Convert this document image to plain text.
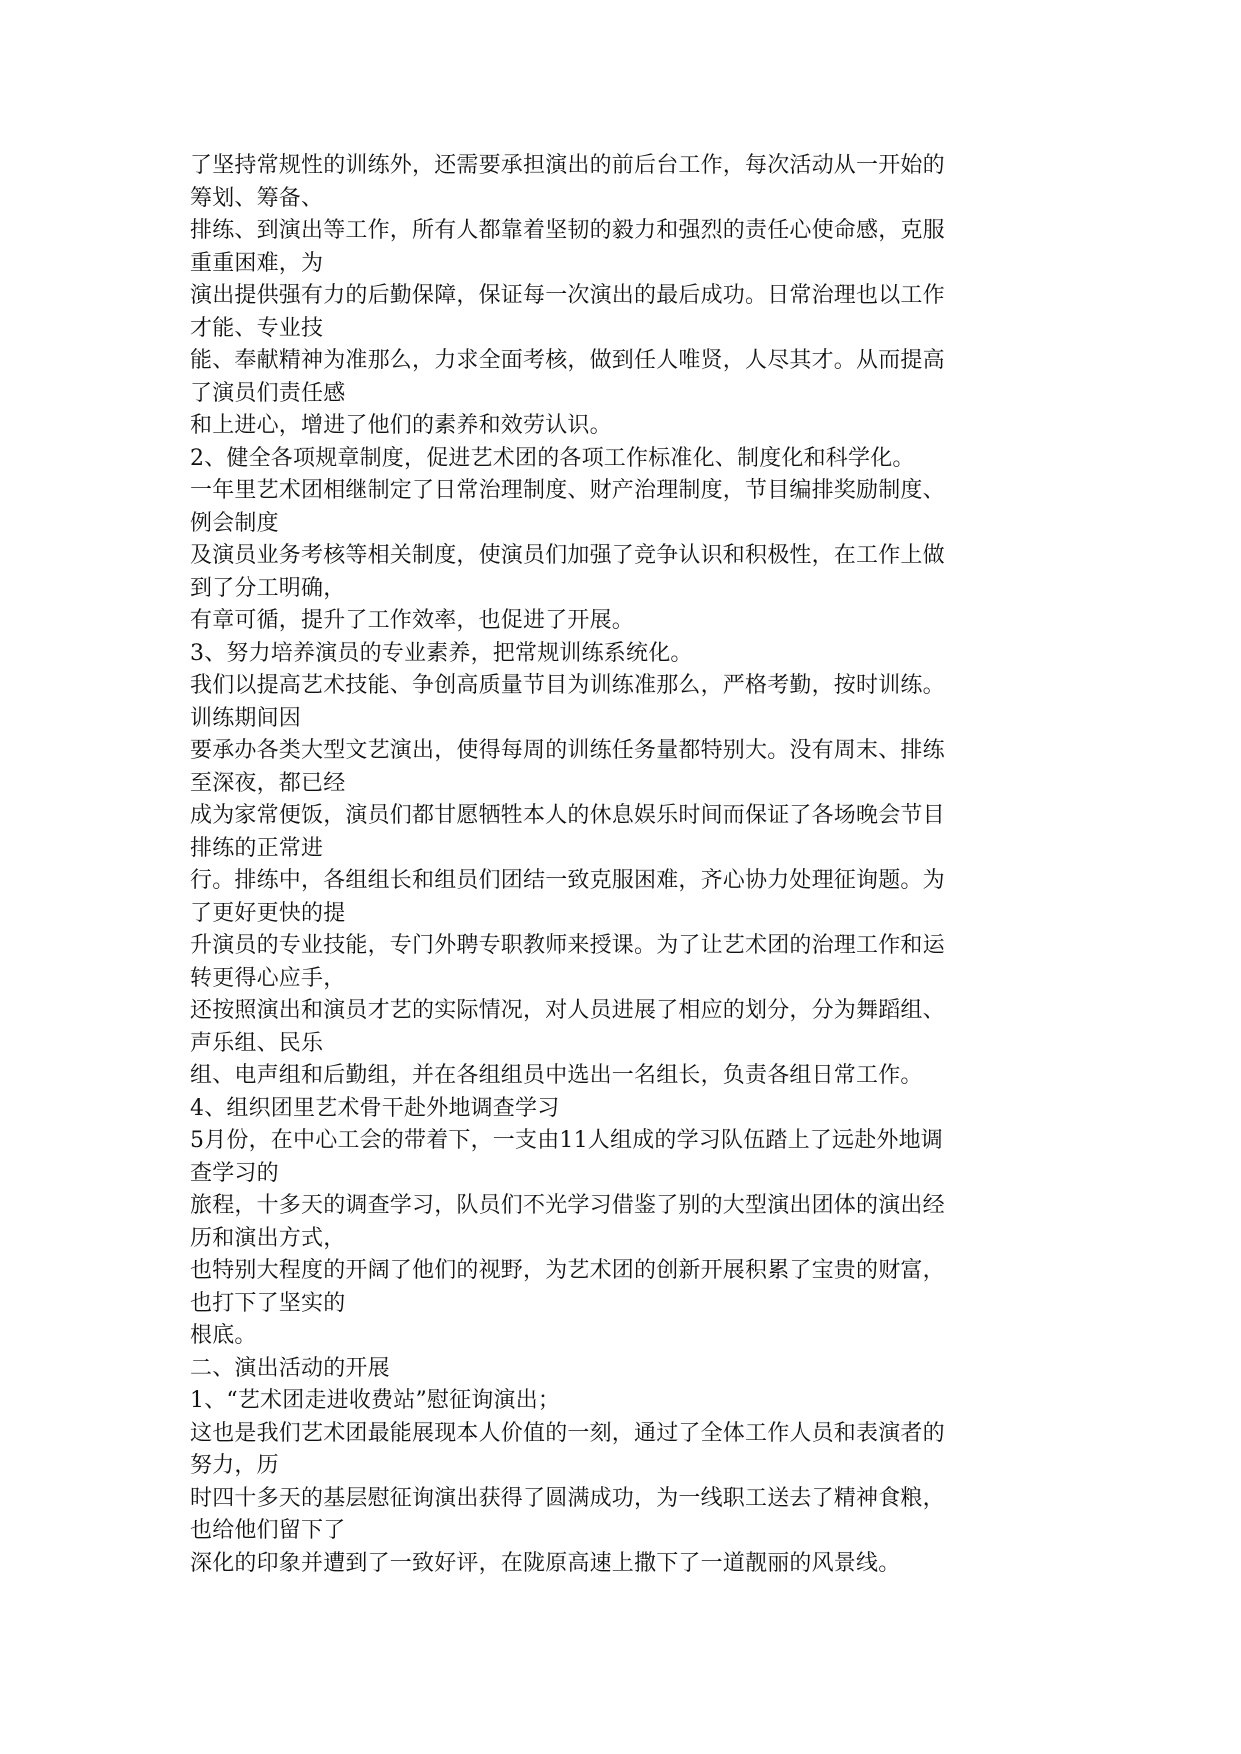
了坚持常规性的训练外，还需要承担演出的前后台工作，每次活动从一开始的
筹划、筹备、
排练、到演出等工作，所有人都靠着坚韧的毅力和强烈的责任心使命感，克服
重重困难，为
演出提供强有力的后勤保障，保证每一次演出的最后成功。日常治理也以工作
才能、专业技
能、奉献精神为准那么，力求全面考核，做到任人唯贤，人尽其才。从而提高
了演员们责任感
和上进心，增进了他们的素养和效劳认识。
2、健全各项规章制度，促进艺术团的各项工作标准化、制度化和科学化。
一年里艺术团相继制定了日常治理制度、财产治理制度，节目编排奖励制度、
例会制度
及演员业务考核等相关制度，使演员们加强了竞争认识和积极性，在工作上做
到了分工明确，
有章可循，提升了工作效率，也促进了开展。
3、努力培养演员的专业素养，把常规训练系统化。
我们以提高艺术技能、争创高质量节目为训练准那么，严格考勤，按时训练。
训练期间因
要承办各类大型文艺演出，使得每周的训练任务量都特别大。没有周末、排练
至深夜，都已经
成为家常便饭，演员们都甘愿牺牲本人的休息娱乐时间而保证了各场晚会节目
排练的正常进
行。排练中，各组组长和组员们团结一致克服困难，齐心协力处理征询题。为
了更好更快的提
升演员的专业技能，专门外聘专职教师来授课。为了让艺术团的治理工作和运
转更得心应手，
还按照演出和演员才艺的实际情况，对人员进展了相应的划分，分为舞蹈组、
声乐组、民乐
组、电声组和后勤组，并在各组组员中选出一名组长，负责各组日常工作。
4、组织团里艺术骨干赴外地调查学习
5月份，在中心工会的带着下，一支由11人组成的学习队伍踏上了远赴外地调
查学习的
旅程，十多天的调查学习，队员们不光学习借鉴了别的大型演出团体的演出经
历和演出方式，
也特别大程度的开阔了他们的视野，为艺术团的创新开展积累了宝贵的财富，
也打下了坚实的
根底。
二、演出活动的开展
1、“艺术团走进收费站”慰征询演出；
这也是我们艺术团最能展现本人价值的一刻，通过了全体工作人员和表演者的
努力，历
时四十多天的基层慰征询演出获得了圆满成功，为一线职工送去了精神食粮，
也给他们留下了
深化的印象并遭到了一致好评，在陇原高速上撒下了一道靓丽的风景线。
